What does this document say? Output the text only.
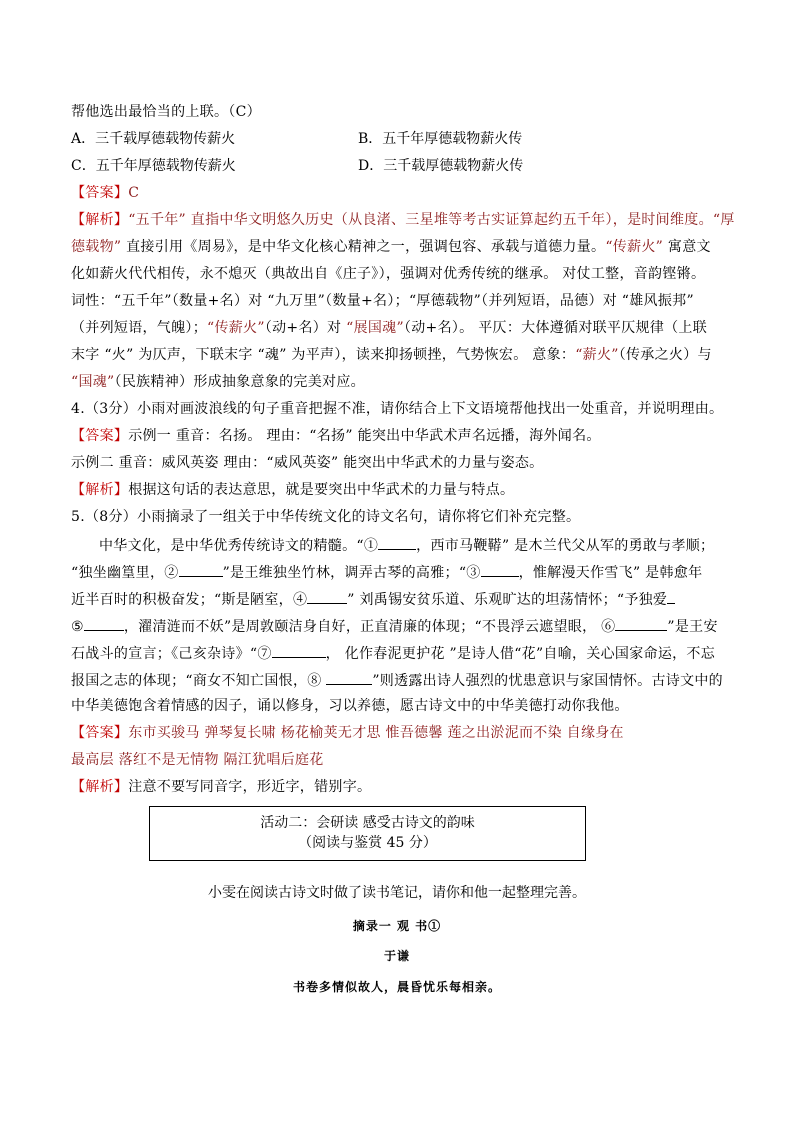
帮他选出最恰当的上联。（C）
A．三千载厚德载物传薪火	B．五千年厚德载物薪火传
C．五千年厚德载物传薪火	D．三千载厚德载物薪火传
【答案】C
【解析】“五千年” 直指中华文明悠久历史（从良渚、三星堆等考古实证算起约五千年），是时间维度。“厚
德载物” 直接引用《周易》，是中华文化核心精神之一，强调包容、承载与道德力量。“传薪火” 寓意文
化如薪火代代相传，永不熄灭（典故出自《庄子》），强调对优秀传统的继承。 对仗工整，音韵铿锵。
词性：“五千年”（数量+名）对 “九万里”（数量+名）；“厚德载物”（并列短语，品德）对 “雄风振邦”
（并列短语，气魄）；“传薪火”（动+名）对 “展国魂”（动+名）。 平仄：大体遵循对联平仄规律（上联
末字 “火” 为仄声，下联末字 “魂” 为平声），读来抑扬顿挫，气势恢宏。 意象：“薪火”（传承之火）与
“国魂”（民族精神）形成抽象意象的完美对应。
4.（3分）小雨对画波浪线的句子重音把握不准，请你结合上下文语境帮他找出一处重音，并说明理由。
【答案】示例一 重音：名扬。 理由：“名扬” 能突出中华武术声名远播，海外闻名。
示例二 重音：威风英姿 理由：“威风英姿” 能突出中华武术的力量与姿态。
【解析】根据这句话的表达意思，就是要突出中华武术的力量与特点。
5.（8分）小雨摘录了一组关于中华传统文化的诗文名句，请你将它们补充完整。
中华文化，是中华优秀传统诗文的精髓。“①	，西市马鞭鞯” 是木兰代父从军的勇敢与孝顺；
“独坐幽篁里，②	”是王维独坐竹林，调弄古琴的高雅；“③	，惟解漫天作雪飞” 是韩愈年
近半百时的积极奋发；“斯是陋室，④	” 刘禹锡安贫乐道、乐观旷达的坦荡情怀；“予独爱
⑤	，濯清涟而不妖”是周敦颐洁身自好，正直清廉的体现；“不畏浮云遮望眼， ⑥	”是王安
石战斗的宣言；《己亥杂诗》“⑦	， 化作春泥更护花 ”是诗人借“花”自喻，关心国家命运，不忘
报国之志的体现；“商女不知亡国恨，⑧	”则透露出诗人强烈的忧患意识与家国情怀。古诗文中的
中华美德饱含着情感的因子，诵以修身，习以养德，愿古诗文中的中华美德打动你我他。
【答案】东市买骏马 弹琴复长啸 杨花榆荚无才思 惟吾德馨 莲之出淤泥而不染 自缘身在
最高层 落红不是无情物 隔江犹唱后庭花
【解析】注意不要写同音字，形近字，错别字。
活动二：会研读 感受古诗文的韵味
（阅读与鉴赏 45 分）
小雯在阅读古诗文时做了读书笔记，请你和他一起整理完善。
摘录一 观 书①
于谦
书卷多情似故人，晨昏忧乐每相亲。
